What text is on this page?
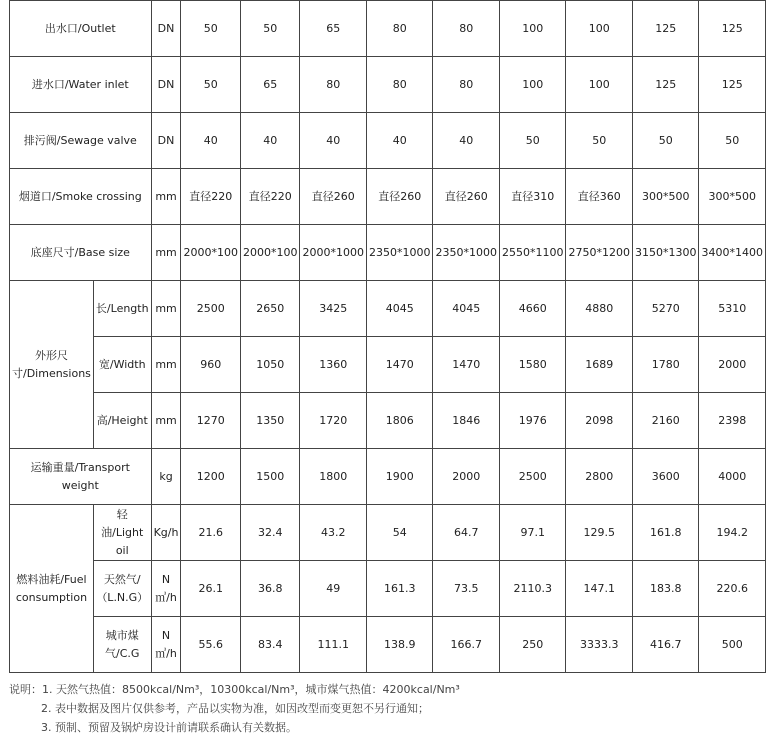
出水口/Outlet		DN	50	50	65	80	80	100	100	125	125
进水口/Water inlet		DN	50	65	80	80	80	100	100	125	125
排污阀/Sewage valve		DN	40	40	40	40	40	50	50	50	50
烟道口/Smoke crossing		mm	直径220	直径220	直径260	直径260	直径260	直径310	直径360	300*500	300*500
底座尺寸/Base size		mm	2000*100	2000*100	2000*1000	2350*1000	2350*1000	2550*1100	2750*1200	3150*1300	3400*1400
外形尺寸/Dimensions	长/Length	mm	2500	2650	3425	4045	4045	4660	4880	5270	5310
	宽/Width	mm	960	1050	1360	1470	1470	1580	1689	1780	2000
	高/Height	mm	1270	1350	1720	1806	1846	1976	2098	2160	2398
运输重量/Transport weight		kg	1200	1500	1800	1900	2000	2500	2800	3600	4000
燃料油耗/Fuel consumption	轻油/Light oil	Kg/h	21.6	32.4	43.2	54	64.7	97.1	129.5	161.8	194.2
	天然气/（L.N.G）	N㎥/h	26.1	36.8	49	161.3	73.5	2110.3	147.1	183.8	220.6
	城市煤气/C.G	N㎥/h	55.6	83.4	111.1	138.9	166.7	250	3333.3	416.7	500
说明：1. 天然气热值：8500kcal/Nm³，10300kcal/Nm³，城市煤气热值：4200kcal/Nm³
2. 表中数据及图片仅供参考，产品以实物为准，如因改型而变更恕不另行通知；
3. 预制、预留及锅炉房设计前请联系确认有关数据。
